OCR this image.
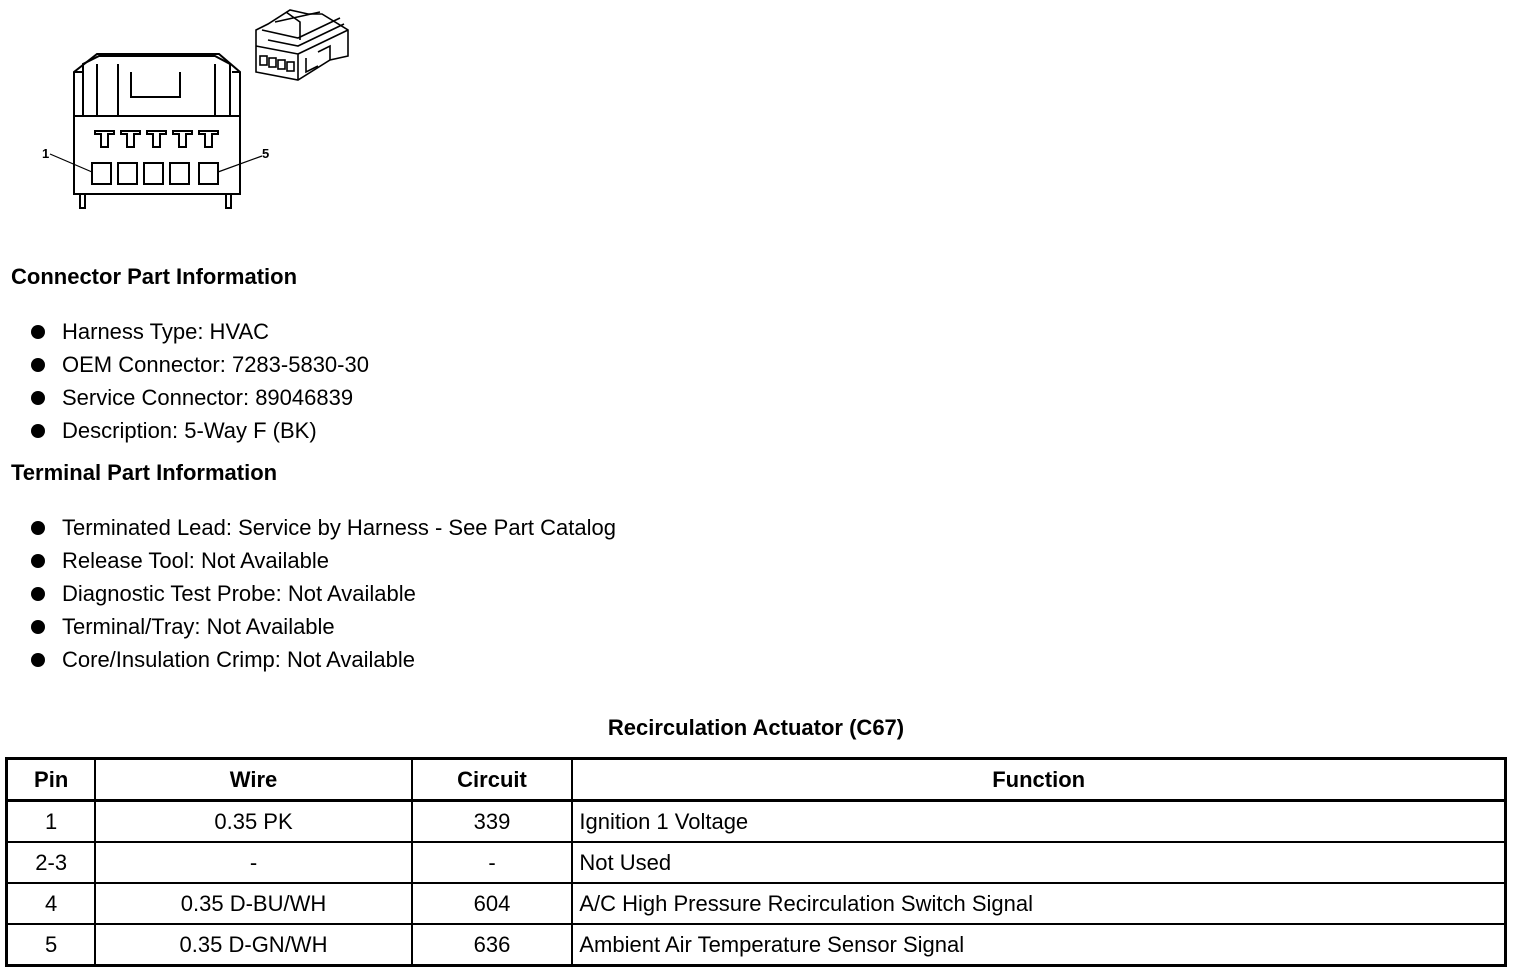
1	5
Connector Part Information
Harness Type: HVAC
OEM Connector: 7283-5830-30
Service Connector: 89046839
Description: 5-Way F (BK)
Terminal Part Information
Terminated Lead: Service by Harness - See Part Catalog
Release Tool: Not Available
Diagnostic Test Probe: Not Available
Terminal/Tray: Not Available
Core/Insulation Crimp: Not Available
Recirculation Actuator (C67)
Pin	Wire	Circuit	Function
1	0.35 PK	339	Ignition 1 Voltage
2-3	-	-	Not Used
4	0.35 D-BU/WH	604	A/C High Pressure Recirculation Switch Signal
5	0.35 D-GN/WH	636	Ambient Air Temperature Sensor Signal
